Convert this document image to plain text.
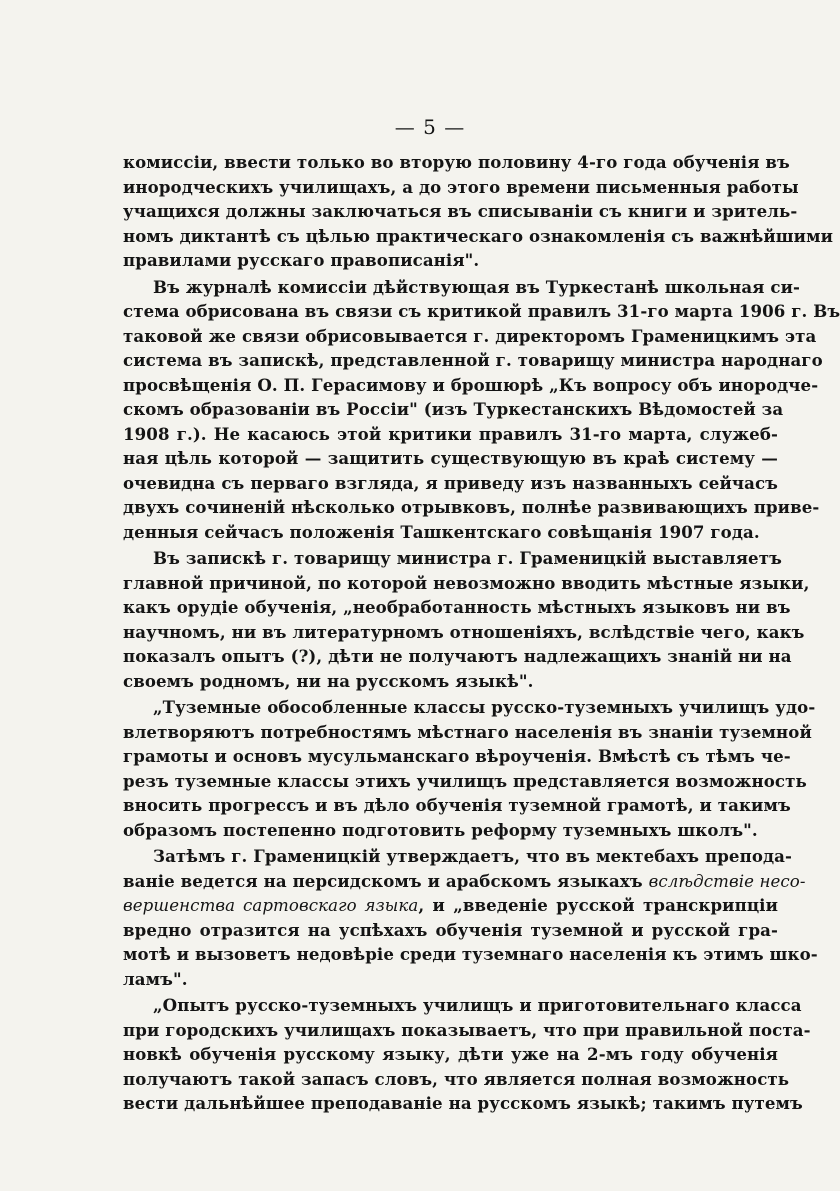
— 5 —
комиссіи, ввести только во вторую половину 4-го года обученія въ
инородческихъ училищахъ, а до этого времени письменныя работы
учащихся должны заключаться въ списываніи съ книги и зритель-
номъ диктантѣ съ цѣлью практическаго ознакомленія съ важнѣйшими
правилами русскаго правописанія".
Въ журналѣ комиссіи дѣйствующая въ Туркестанѣ школьная си-
стема обрисована въ связи съ критикой правилъ 31-го марта 1906 г. Въ
таковой же связи обрисовывается г. директоромъ Граменицкимъ эта
система въ запискѣ, представленной г. товарищу министра народнаго
просвѣщенія О. П. Герасимову и брошюрѣ „Къ вопросу объ инородче-
скомъ образованіи въ Россіи" (изъ Туркестанскихъ Вѣдомостей за
1908 г.). Не касаюсь этой критики правилъ 31-го марта, служеб-
ная цѣль которой — защитить существующую въ краѣ систему —
очевидна съ перваго взгляда, я приведу изъ названныхъ сейчасъ
двухъ сочиненій нѣсколько отрывковъ, полнѣе развивающихъ приве-
денныя сейчасъ положенія Ташкентскаго совѣщанія 1907 года.
Въ запискѣ г. товарищу министра г. Граменицкій выставляетъ
главной причиной, по которой невозможно вводить мѣстные языки,
какъ орудіе обученія, „необработанность мѣстныхъ языковъ ни въ
научномъ, ни въ литературномъ отношеніяхъ, вслѣдствіе чего, какъ
показалъ опытъ (?), дѣти не получаютъ надлежащихъ знаній ни на
своемъ родномъ, ни на русскомъ языкѣ".
„Туземные обособленные классы русско-туземныхъ училищъ удо-
влетворяютъ потребностямъ мѣстнаго населенія въ знаніи туземной
грамоты и основъ мусульманскаго вѣроученія. Вмѣстѣ съ тѣмъ че-
резъ туземные классы этихъ училищъ представляется возможность
вносить прогрессъ и въ дѣло обученія туземной грамотѣ, и такимъ
образомъ постепенно подготовить реформу туземныхъ школъ".
Затѣмъ г. Граменицкій утверждаетъ, что въ мектебахъ препода-
ваніе ведется на персидскомъ и арабскомъ языкахъ вслѣдствіе несо-
вершенства сартовскаго языка, и „введеніе русской транскрипціи
вредно отразится на успѣхахъ обученія туземной и русской гра-
мотѣ и вызоветъ недовѣріе среди туземнаго населенія къ этимъ шко-
ламъ".
„Опытъ русско-туземныхъ училищъ и приготовительнаго класса
при городскихъ училищахъ показываетъ, что при правильной поста-
новкѣ обученія русскому языку, дѣти уже на 2-мъ году обученія
получаютъ такой запасъ словъ, что является полная возможность
вести дальнѣйшее преподаваніе на русскомъ языкѣ; такимъ путемъ
